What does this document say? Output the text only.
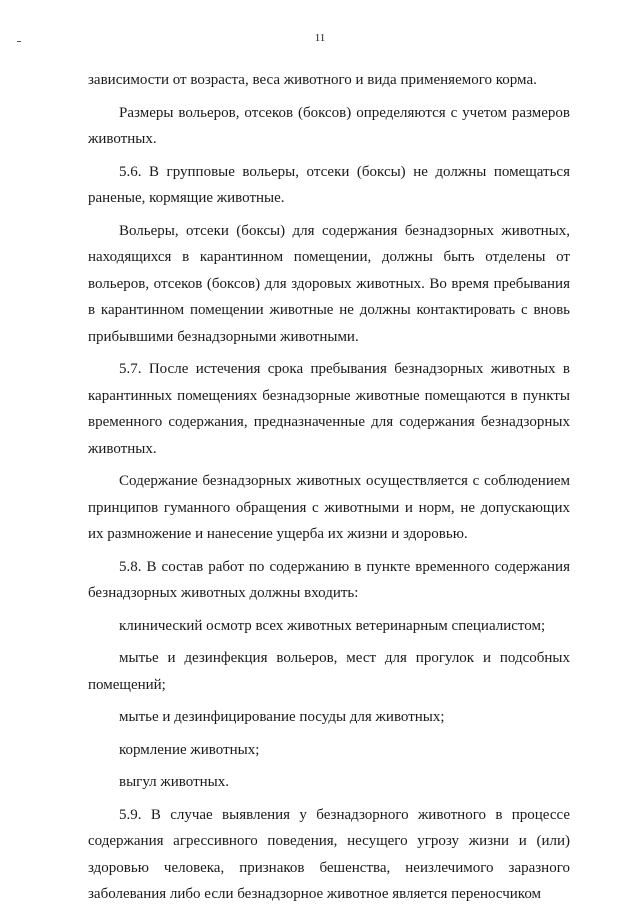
11

зависимости от возраста, веса животного и вида применяемого корма.

Размеры вольеров, отсеков (боксов) определяются с учетом размеров животных.

5.6. В групповые вольеры, отсеки (боксы) не должны помещаться раненые, кормящие животные.

Вольеры, отсеки (боксы) для содержания безнадзорных животных, находящихся в карантинном помещении, должны быть отделены от вольеров, отсеков (боксов) для здоровых животных. Во время пребывания в карантинном помещении животные не должны контактировать с вновь прибывшими безнадзорными животными.

5.7. После истечения срока пребывания безнадзорных животных в карантинных помещениях безнадзорные животные помещаются в пункты временного содержания, предназначенные для содержания безнадзорных животных.

Содержание безнадзорных животных осуществляется с соблюдением принципов гуманного обращения с животными и норм, не допускающих их размножение и нанесение ущерба их жизни и здоровью.

5.8. В состав работ по содержанию в пункте временного содержания безнадзорных животных должны входить:

клинический осмотр всех животных ветеринарным специалистом;

мытье и дезинфекция вольеров, мест для прогулок и подсобных помещений;

мытье и дезинфицирование посуды для животных;

кормление животных;

выгул животных.

5.9. В случае выявления у безнадзорного животного в процессе содержания агрессивного поведения, несущего угрозу жизни и (или) здоровью человека, признаков бешенства, неизлечимого заразного заболевания либо если безнадзорное животное является переносчиком
